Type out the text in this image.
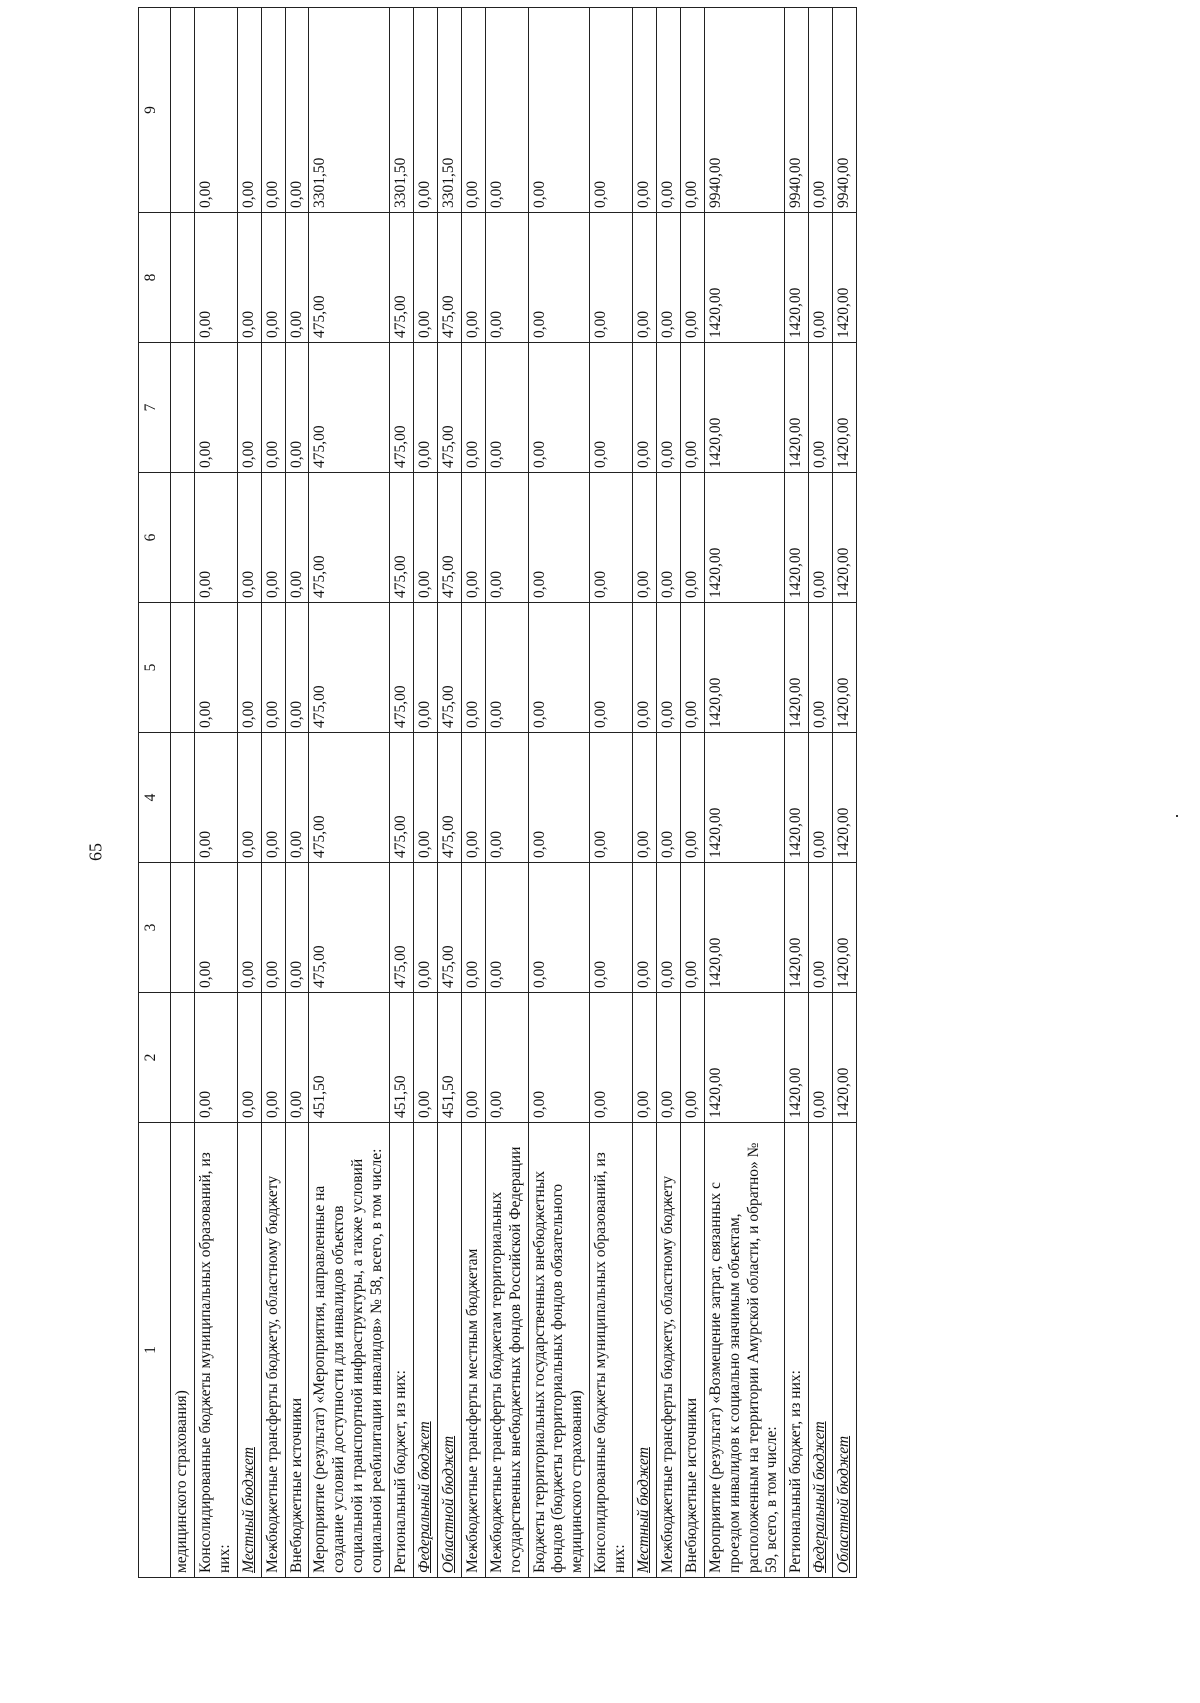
65
1	2	3	4	5	6	7	8	9
медицинского страхования)								
Консолидированные бюджеты муниципальных образований, из них:	0,00	0,00	0,00	0,00	0,00	0,00	0,00	0,00
Местный бюджет	0,00	0,00	0,00	0,00	0,00	0,00	0,00	0,00
Межбюджетные трансферты бюджету, областному бюджету	0,00	0,00	0,00	0,00	0,00	0,00	0,00	0,00
Внебюджетные источники	0,00	0,00	0,00	0,00	0,00	0,00	0,00	0,00
Мероприятие (результат) «Мероприятия, направленные на создание условий доступности для инвалидов объектов социальной и транспортной инфраструктуры, а также условий социальной реабилитации инвалидов» № 58, всего, в том числе:	451,50	475,00	475,00	475,00	475,00	475,00	475,00	3301,50
Региональный бюджет, из них:	451,50	475,00	475,00	475,00	475,00	475,00	475,00	3301,50
Федеральный бюджет	0,00	0,00	0,00	0,00	0,00	0,00	0,00	0,00
Областной бюджет	451,50	475,00	475,00	475,00	475,00	475,00	475,00	3301,50
Межбюджетные трансферты местным бюджетам	0,00	0,00	0,00	0,00	0,00	0,00	0,00	0,00
Межбюджетные трансферты бюджетам территориальных государственных внебюджетных фондов Российской Федерации	0,00	0,00	0,00	0,00	0,00	0,00	0,00	0,00
Бюджеты территориальных государственных внебюджетных фондов (бюджеты территориальных фондов обязательного медицинского страхования)	0,00	0,00	0,00	0,00	0,00	0,00	0,00	0,00
Консолидированные бюджеты муниципальных образований, из них:	0,00	0,00	0,00	0,00	0,00	0,00	0,00	0,00
Местный бюджет	0,00	0,00	0,00	0,00	0,00	0,00	0,00	0,00
Межбюджетные трансферты бюджету, областному бюджету	0,00	0,00	0,00	0,00	0,00	0,00	0,00	0,00
Внебюджетные источники	0,00	0,00	0,00	0,00	0,00	0,00	0,00	0,00
Мероприятие (результат) «Возмещение затрат, связанных с проездом инвалидов к социально значимым объектам, расположенным на территории Амурской области, и обратно» № 59, всего, в том числе:	1420,00	1420,00	1420,00	1420,00	1420,00	1420,00	1420,00	9940,00
Региональный бюджет, из них:	1420,00	1420,00	1420,00	1420,00	1420,00	1420,00	1420,00	9940,00
Федеральный бюджет	0,00	0,00	0,00	0,00	0,00	0,00	0,00	0,00
Областной бюджет	1420,00	1420,00	1420,00	1420,00	1420,00	1420,00	1420,00	9940,00
